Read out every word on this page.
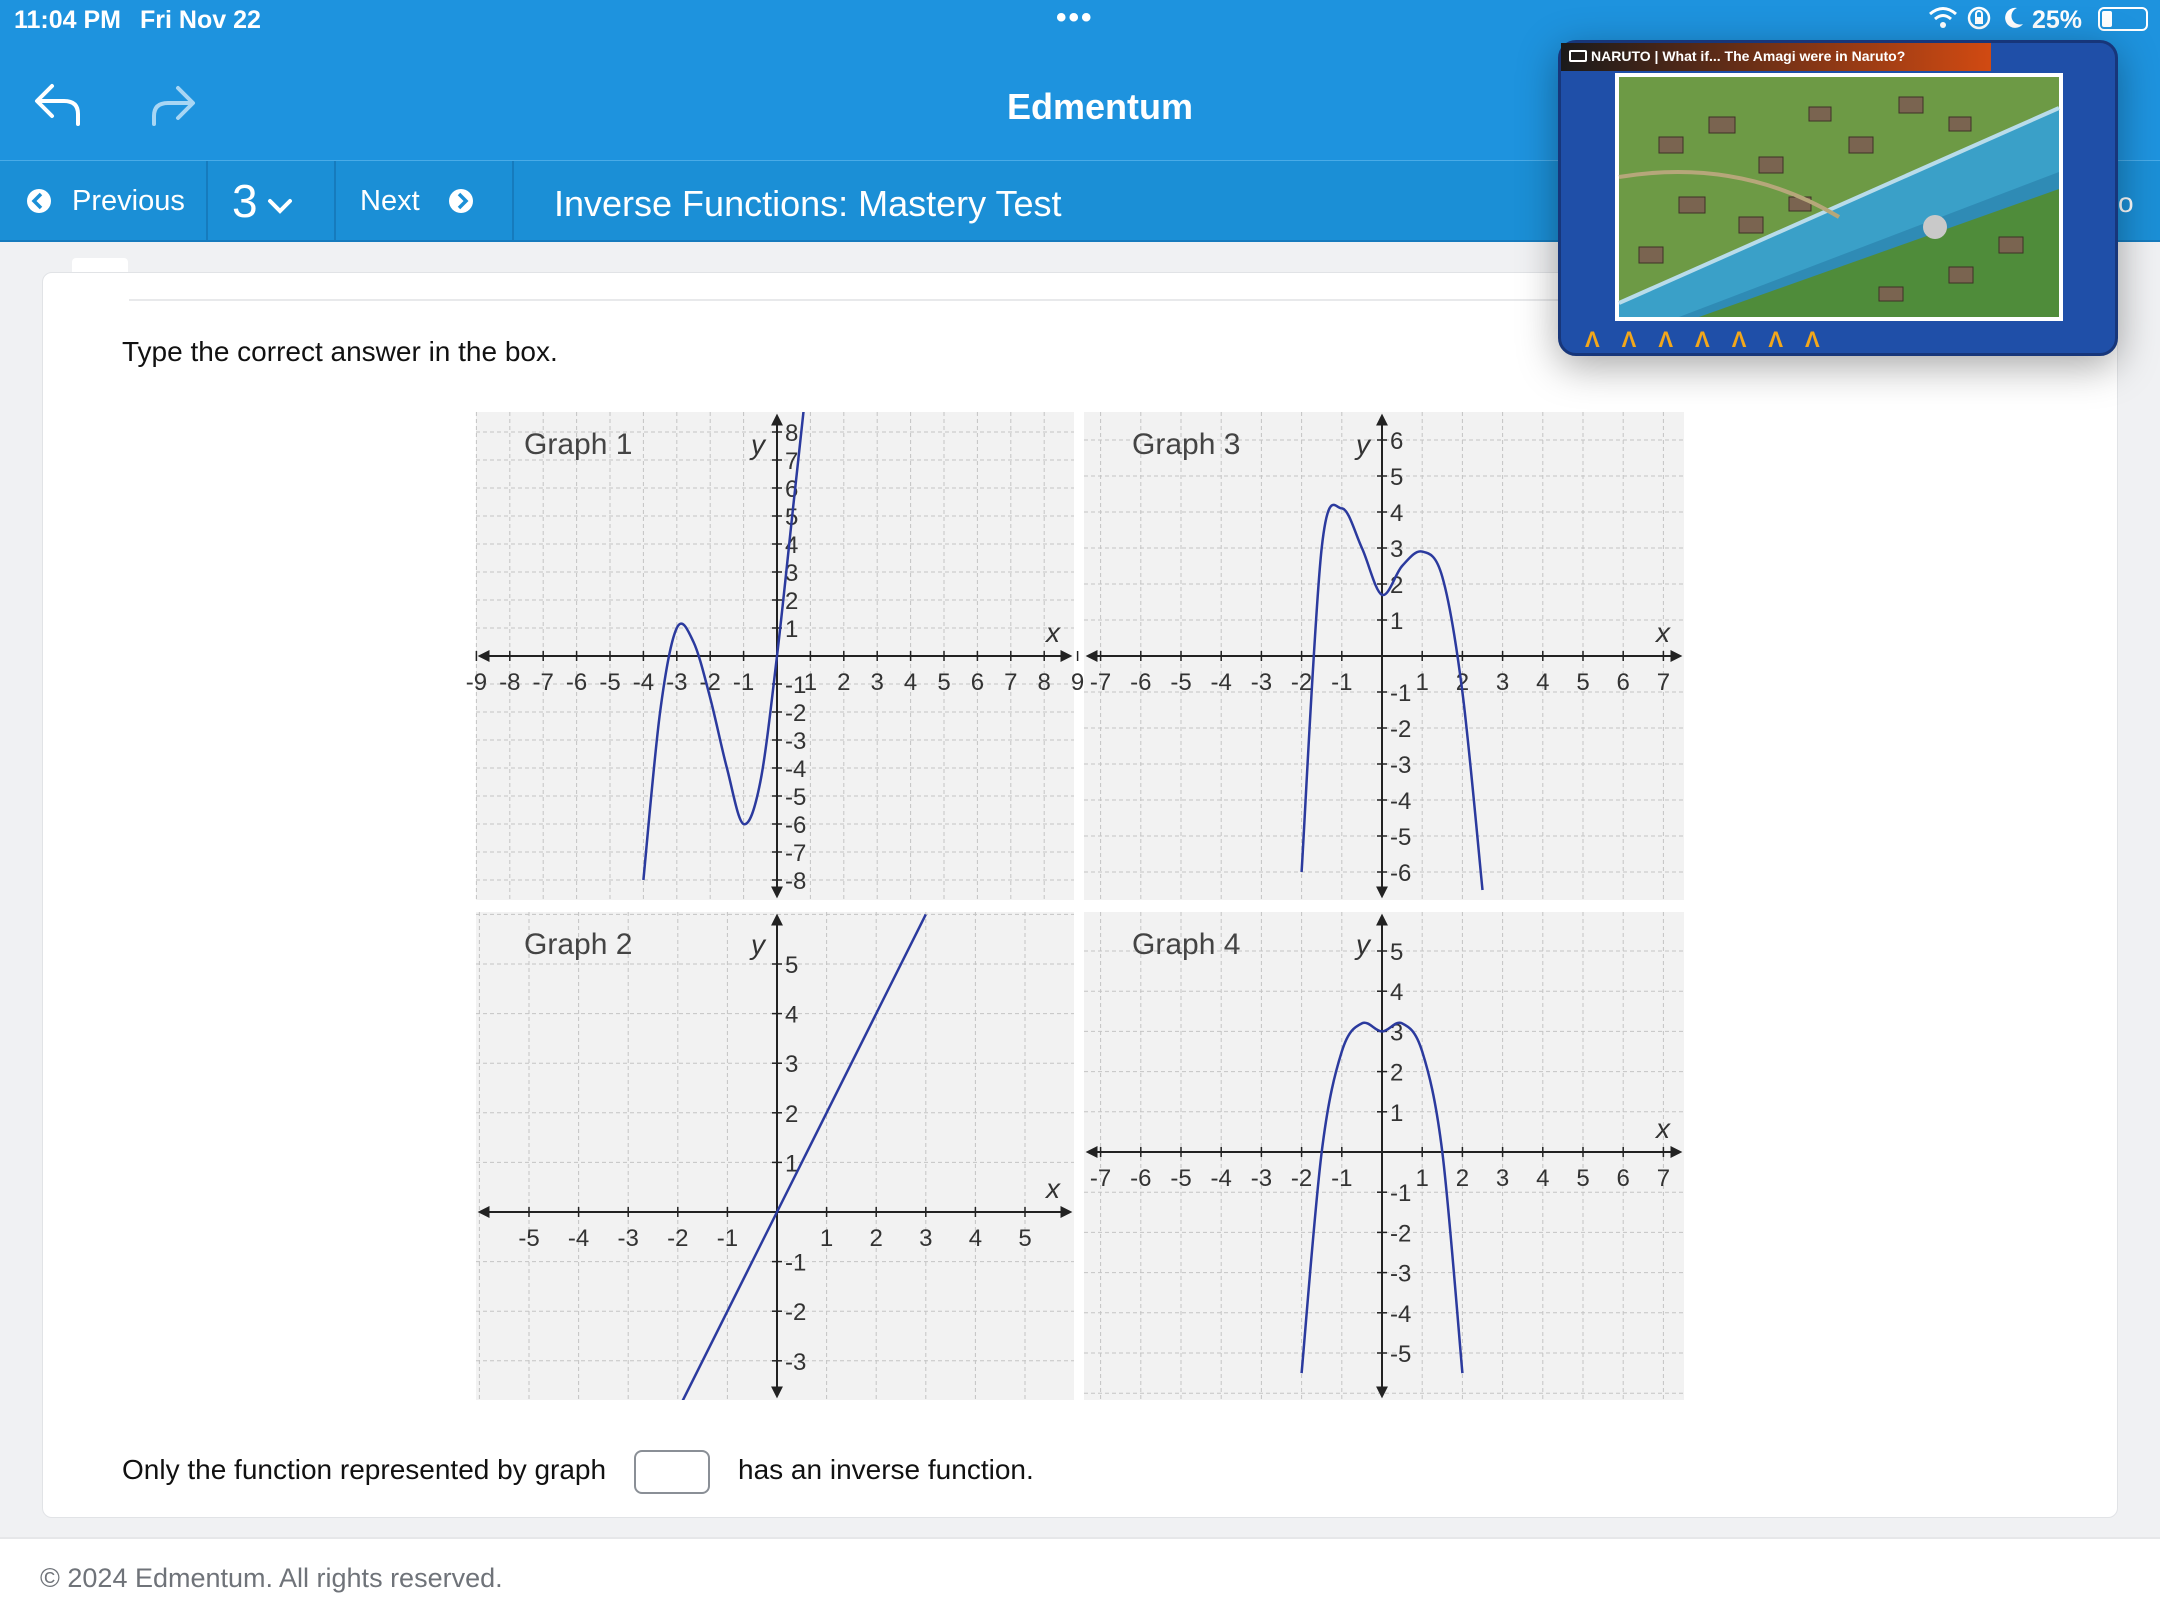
11:04 PM Fri Nov 22	•••	25%
Edmentum
Previous 3	Next	Inverse Functions: Mastery Test	o
Type the correct answer in the box.
-9 -8 -7 -6 -5 -4 -3 -2 -1 1 2 3 4 5 6 7 8 9
-8
-7
-6
-5
-4
-3
-2
-1
1
2
3
4
5
6
7
8
Graph 1
x
y
-5 -4 -3 -2 -1	1 2 3 4 5
-3
-2
-1
1
2
3
4
5
Graph 2
x
y
-7 -6 -5 -4 -3 -2 -1	1 2 3 4 5 6 7
-6
-5
-4
-3
-2
-1
1
2
3
4
5
6
Graph 3
x
y
-7 -6 -5 -4 -3 -2 -1	1 2 3 4 5 6 7
-5
-4
-3
-2
-1
1
2
3
4
5
Graph 4
x
y
Only the function represented by graph	has an inverse function.
© 2024 Edmentum. All rights reserved.
NARUTO | What if... The Amagi were in Naruto?
ΛΛΛΛΛΛΛ
